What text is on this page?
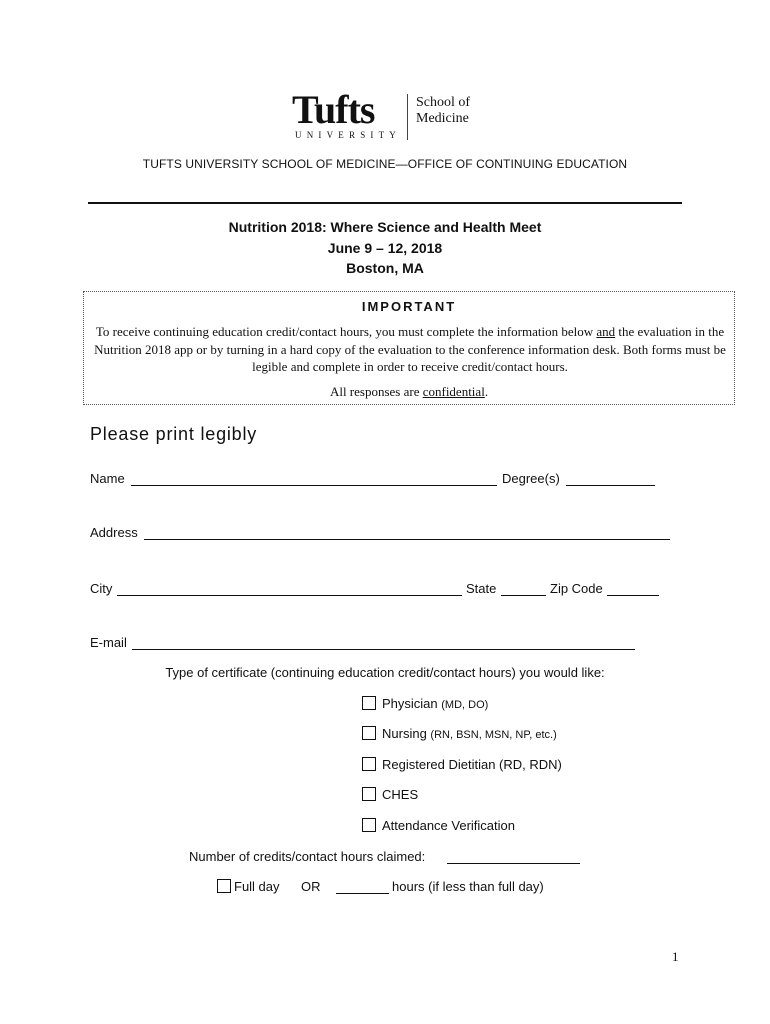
Tufts
UNIVERSITY
School of
Medicine
TUFTS UNIVERSITY SCHOOL OF MEDICINE—OFFICE OF CONTINUING EDUCATION
Nutrition 2018: Where Science and Health Meet
June 9 – 12, 2018
Boston, MA
IMPORTANT
To receive continuing education credit/contact hours, you must complete the information below and the evaluation in the Nutrition 2018 app or by turning in a hard copy of the evaluation to the conference information desk. Both forms must be legible and complete in order to receive credit/contact hours.
All responses are confidential.
Please print legibly
Name	Degree(s)
Address
City	State	Zip Code
E-mail
Type of certificate (continuing education credit/contact hours) you would like:
Physician (MD, DO)
Nursing (RN, BSN, MSN, NP, etc.)
Registered Dietitian (RD, RDN)
CHES
Attendance Verification
Number of credits/contact hours claimed:
Full day OR	hours (if less than full day)
1
